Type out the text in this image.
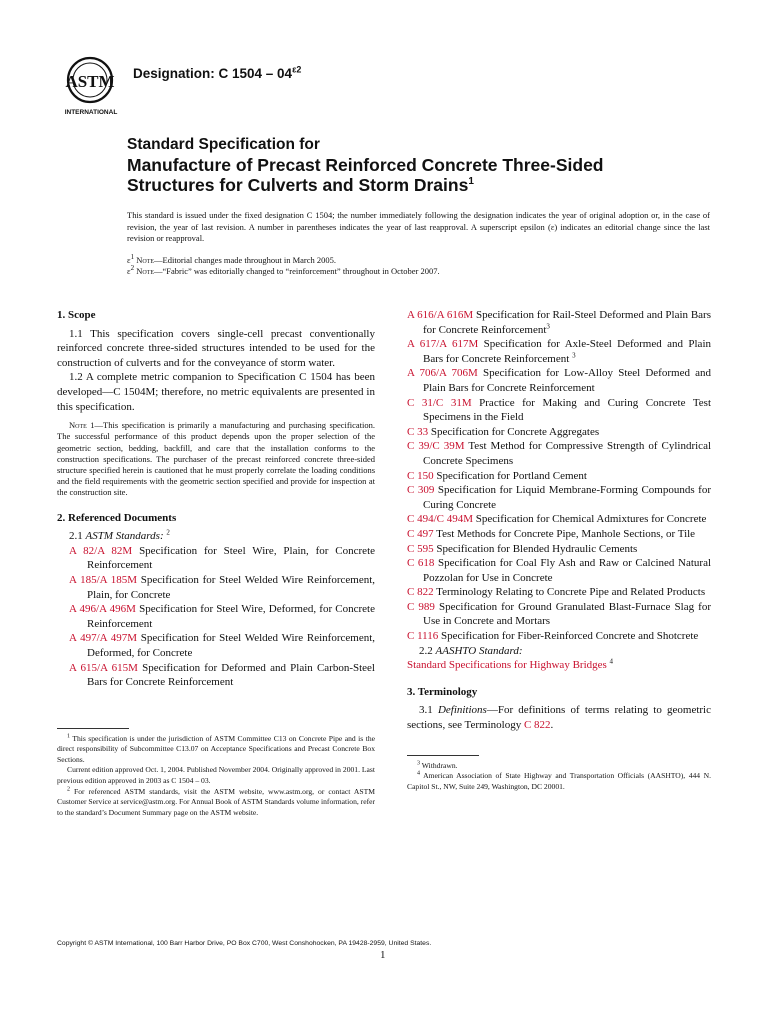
ASTM
INTERNATIONAL
Designation: C $1504 - 04^{\varepsilon 2}$
Standard Specification for
Manufacture of Precast Reinforced Concrete Three-Sided
Structures for Culverts and Storm Drains$^1$
This standard is issued under the fixed designation C 1504; the number immediately following the designation indicates the year of original adoption or, in the case of revision, the year of last revision. A number in parentheses indicates the year of last reapproval. A superscript epsilon (ε) indicates an editorial change since the last revision or reapproval.
$\varepsilon^1$ Note—Editorial changes made throughout in March 2005.
$\varepsilon^2$ Note—“Fabric” was editorially changed to “reinforcement” throughout in October 2007.
1. Scope

1.1 This specification covers single-cell precast conventionally reinforced concrete three-sided structures intended to be used for the construction of culverts and for the conveyance of storm water.

1.2 A complete metric companion to Specification C 1504 has been developed—C 1504M; therefore, no metric equivalents are presented in this specification.

Note 1—This specification is primarily a manufacturing and purchasing specification. The successful performance of this product depends upon the proper selection of the geometric section, bedding, backfill, and care that the installation conforms to the construction specifications. The purchaser of the precast reinforced concrete three-sided structure specified herein is cautioned that he must properly correlate the loading conditions and the field requirements with the geometric section specified and provide for inspection at the construction site.

2. Referenced Documents

2.1 ASTM Standards: $^2$

A 82/A 82M Specification for Steel Wire, Plain, for Concrete Reinforcement

A 185/A 185M Specification for Steel Welded Wire Reinforcement, Plain, for Concrete

A 496/A 496M Specification for Steel Wire, Deformed, for Concrete Reinforcement

A 497/A 497M Specification for Steel Welded Wire Reinforcement, Deformed, for Concrete

A 615/A 615M Specification for Deformed and Plain Carbon-Steel Bars for Concrete Reinforcement

$^1$ This specification is under the jurisdiction of ASTM Committee C13 on Concrete Pipe and is the direct responsibility of Subcommittee C13.07 on Acceptance Specifications and Precast Concrete Box Sections.

Current edition approved Oct. 1, 2004. Published November 2004. Originally approved in 2001. Last previous edition approved in 2003 as C 1504 – 03.

$^2$ For referenced ASTM standards, visit the ASTM website, www.astm.org, or contact ASTM Customer Service at service@astm.org. For Annual Book of ASTM Standards volume information, refer to the standard’s Document Summary page on the ASTM website.

A 616/A 616M Specification for Rail-Steel Deformed and Plain Bars for Concrete Reinforcement$^3$

A 617/A 617M Specification for Axle-Steel Deformed and Plain Bars for Concrete Reinforcement $^3$

A 706/A 706M Specification for Low-Alloy Steel Deformed and Plain Bars for Concrete Reinforcement

C 31/C 31M Practice for Making and Curing Concrete Test Specimens in the Field

C 33 Specification for Concrete Aggregates

C 39/C 39M Test Method for Compressive Strength of Cylindrical Concrete Specimens

C 150 Specification for Portland Cement

C 309 Specification for Liquid Membrane-Forming Compounds for Curing Concrete

C 494/C 494M Specification for Chemical Admixtures for Concrete

C 497 Test Methods for Concrete Pipe, Manhole Sections, or Tile

C 595 Specification for Blended Hydraulic Cements

C 618 Specification for Coal Fly Ash and Raw or Calcined Natural Pozzolan for Use in Concrete

C 822 Terminology Relating to Concrete Pipe and Related Products

C 989 Specification for Ground Granulated Blast-Furnace Slag for Use in Concrete and Mortars

C 1116 Specification for Fiber-Reinforced Concrete and Shotcrete

2.2 AASHTO Standard:

Standard Specifications for Highway Bridges $^4$

3. Terminology

3.1 Definitions—For definitions of terms relating to geometric sections, see Terminology C 822.

$^3$ Withdrawn.

$^4$ American Association of State Highway and Transportation Officials (AASHTO), 444 N. Capitol St., NW, Suite 249, Washington, DC 20001.

Copyright © ASTM International, 100 Barr Harbor Drive, PO Box C700, West Conshohocken, PA 19428-2959, United States.
1
